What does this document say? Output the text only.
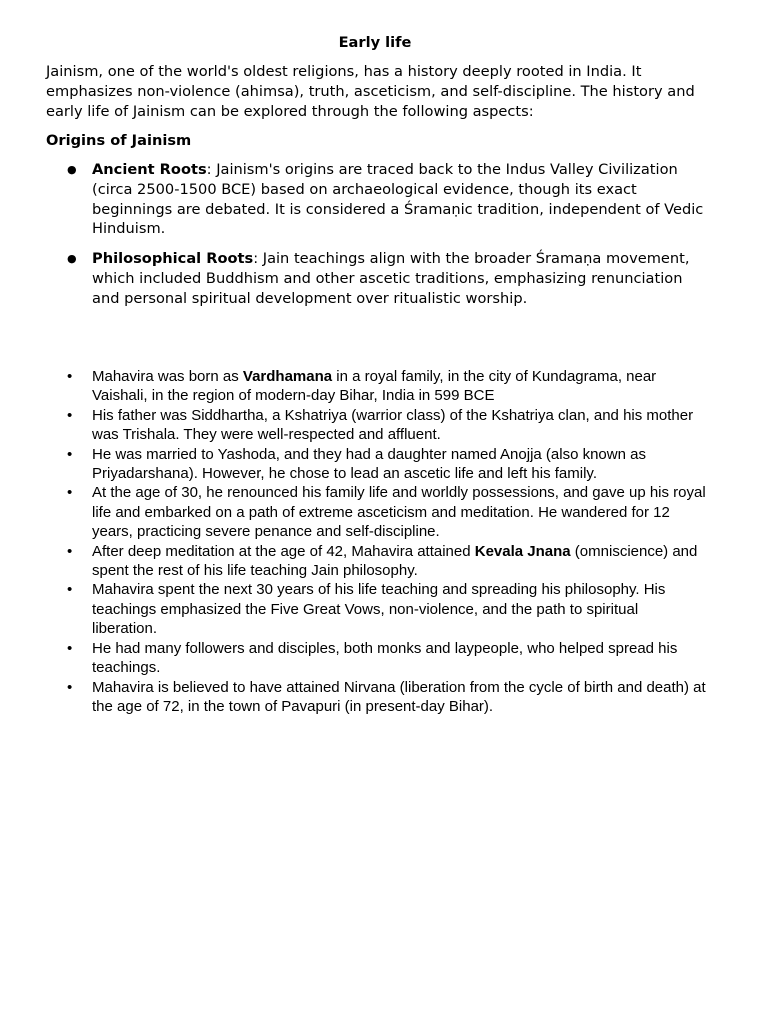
Early life

Jainism, one of the world's oldest religions, has a history deeply rooted in India. It emphasizes non-violence (ahimsa), truth, asceticism, and self-discipline. The history and early life of Jainism can be explored through the following aspects:

Origins of Jainism
● Ancient Roots: Jainism's origins are traced back to the Indus Valley Civilization (circa 2500-1500 BCE) based on archaeological evidence, though its exact beginnings are debated. It is considered a Śramaṇic tradition, independent of Vedic Hinduism.
● Philosophical Roots: Jain teachings align with the broader Śramaṇa movement, which included Buddhism and other ascetic traditions, emphasizing renunciation and personal spiritual development over ritualistic worship.
• Mahavira was born as Vardhamana in a royal family, in the city of Kundagrama, near Vaishali, in the region of modern-day Bihar, India in 599 BCE
• His father was Siddhartha, a Kshatriya (warrior class) of the Kshatriya clan, and his mother was Trishala. They were well-respected and affluent.
• He was married to Yashoda, and they had a daughter named Anojja (also known as Priyadarshana). However, he chose to lead an ascetic life and left his family.
• At the age of 30, he renounced his family life and worldly possessions, and gave up his royal life and embarked on a path of extreme asceticism and meditation. He wandered for 12 years, practicing severe penance and self-discipline.
• After deep meditation at the age of 42, Mahavira attained Kevala Jnana (omniscience) and spent the rest of his life teaching Jain philosophy.
• Mahavira spent the next 30 years of his life teaching and spreading his philosophy. His teachings emphasized the Five Great Vows, non-violence, and the path to spiritual liberation.
• He had many followers and disciples, both monks and laypeople, who helped spread his teachings.
• Mahavira is believed to have attained Nirvana (liberation from the cycle of birth and death) at the age of 72, in the town of Pavapuri (in present-day Bihar).
